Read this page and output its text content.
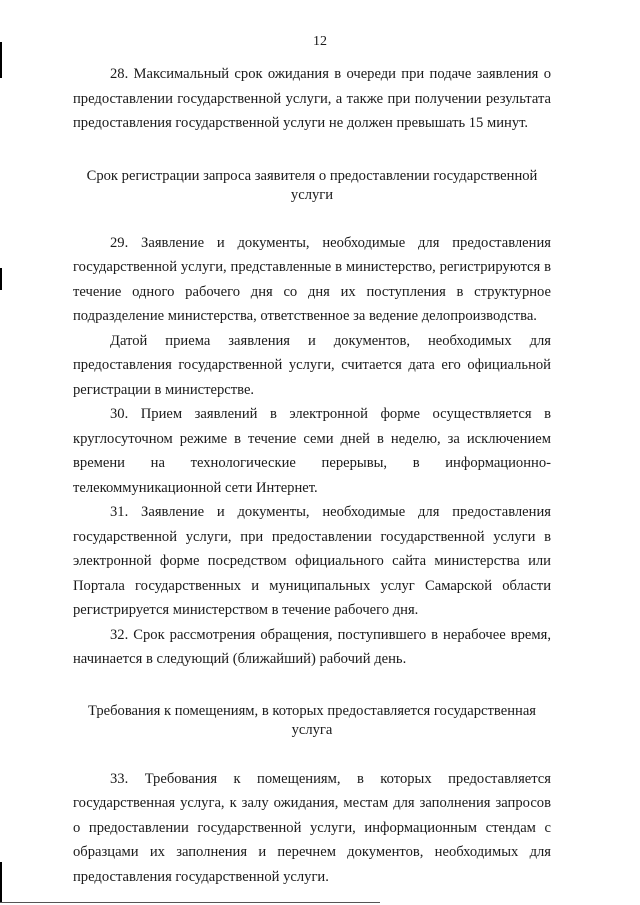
12

28. Максимальный срок ожидания в очереди при подаче заявления о предоставлении государственной услуги, а также при получении результата предоставления государственной услуги не должен превышать 15 минут.

Срок регистрации запроса заявителя о предоставлении государственной
услуги

29. Заявление и документы, необходимые для предоставления государственной услуги, представленные в министерство, регистрируются в течение одного рабочего дня со дня их поступления в структурное подразделение министерства, ответственное за ведение делопроизводства.

Датой приема заявления и документов, необходимых для предоставления государственной услуги, считается дата его официальной регистрации в министерстве.

30. Прием заявлений в электронной форме осуществляется в круглосуточном режиме в течение семи дней в неделю, за исключением времени на технологические перерывы, в информационно-телекоммуникационной сети Интернет.

31. Заявление и документы, необходимые для предоставления государственной услуги, при предоставлении государственной услуги в электронной форме посредством официального сайта министерства или Портала государственных и муниципальных услуг Самарской области регистрируется министерством в течение рабочего дня.

32. Срок рассмотрения обращения, поступившего в нерабочее время, начинается в следующий (ближайший) рабочий день.

Требования к помещениям, в которых предоставляется государственная
услуга

33. Требования к помещениям, в которых предоставляется государственная услуга, к залу ожидания, местам для заполнения запросов о предоставлении государственной услуги, информационным стендам с образцами их заполнения и перечнем документов, необходимых для предоставления государственной услуги.
